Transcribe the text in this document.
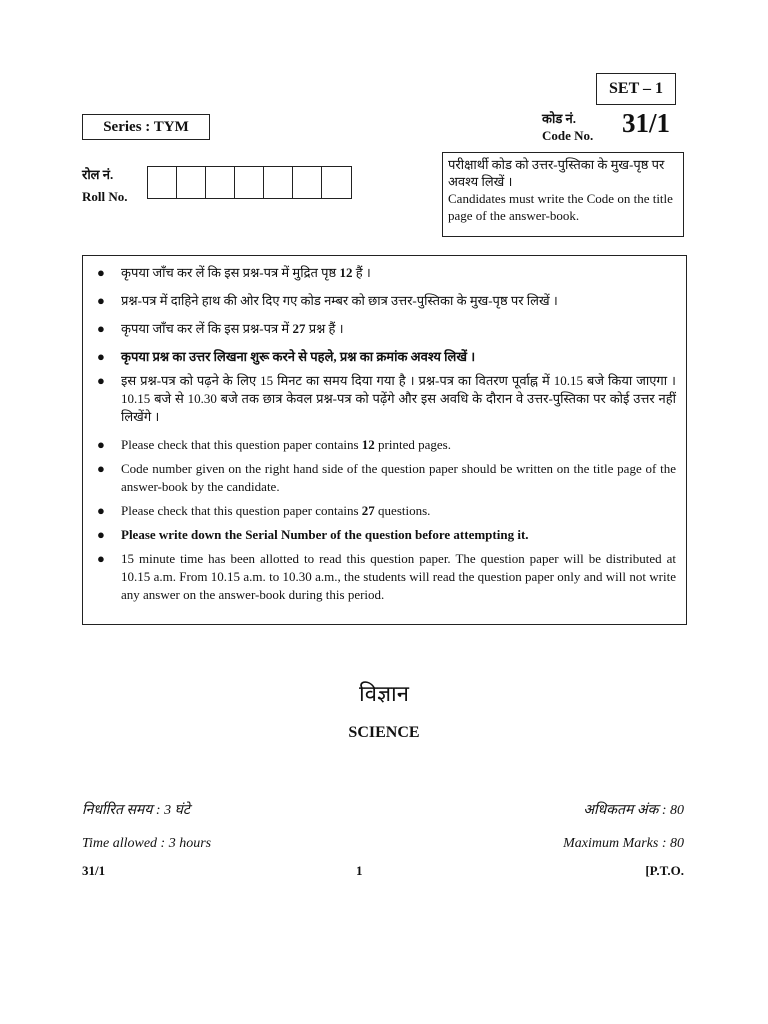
SET – 1
Series : TYM	कोड नं.
Code No. 31/1
रोल नं.
Roll No.
परीक्षार्थी कोड को उत्तर-पुस्तिका के मुख-पृष्ठ पर अवश्य लिखें ।
Candidates must write the Code on the title page of the answer-book.
● कृपया जाँच कर लें कि इस प्रश्न-पत्र में मुद्रित पृष्ठ 12 हैं ।
● प्रश्न-पत्र में दाहिने हाथ की ओर दिए गए कोड नम्बर को छात्र उत्तर-पुस्तिका के मुख-पृष्ठ पर लिखें ।
● कृपया जाँच कर लें कि इस प्रश्न-पत्र में 27 प्रश्न हैं ।
● कृपया प्रश्न का उत्तर लिखना शुरू करने से पहले, प्रश्न का क्रमांक अवश्य लिखें ।
● इस प्रश्न-पत्र को पढ़ने के लिए 15 मिनट का समय दिया गया है । प्रश्न-पत्र का वितरण पूर्वाह्न में 10.15 बजे किया जाएगा । 10.15 बजे से 10.30 बजे तक छात्र केवल प्रश्न-पत्र को पढ़ेंगे और इस अवधि के दौरान वे उत्तर-पुस्तिका पर कोई उत्तर नहीं लिखेंगे ।
● Please check that this question paper contains 12 printed pages.
● Code number given on the right hand side of the question paper should be written on the title page of the answer-book by the candidate.
● Please check that this question paper contains 27 questions.
● Please write down the Serial Number of the question before attempting it.
● 15 minute time has been allotted to read this question paper. The question paper will be distributed at 10.15 a.m. From 10.15 a.m. to 10.30 a.m., the students will read the question paper only and will not write any answer on the answer-book during this period.
विज्ञान
SCIENCE
निर्धारित समय : 3 घंटे	अधिकतम अंक : 80
Time allowed : 3 hours	Maximum Marks : 80
31/1	1	[P.T.O.
